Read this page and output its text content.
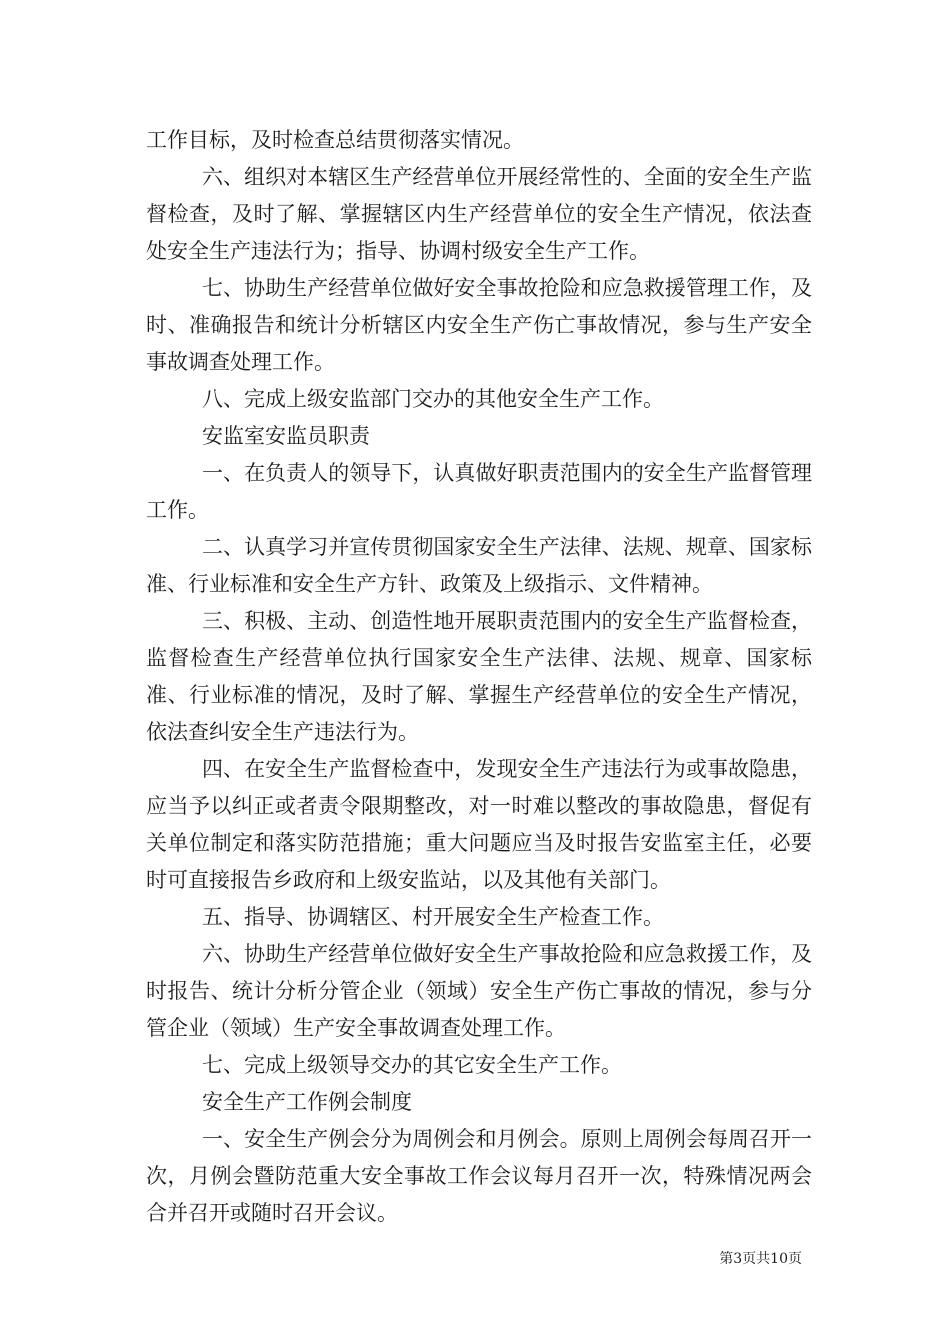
工作目标，及时检查总结贯彻落实情况。

六、组织对本辖区生产经营单位开展经常性的、全面的安全生产监督检查，及时了解、掌握辖区内生产经营单位的安全生产情况，依法查处安全生产违法行为；指导、协调村级安全生产工作。

七、协助生产经营单位做好安全事故抢险和应急救援管理工作，及时、准确报告和统计分析辖区内安全生产伤亡事故情况，参与生产安全事故调查处理工作。

八、完成上级安监部门交办的其他安全生产工作。

安监室安监员职责

一、在负责人的领导下，认真做好职责范围内的安全生产监督管理工作。

二、认真学习并宣传贯彻国家安全生产法律、法规、规章、国家标准、行业标准和安全生产方针、政策及上级指示、文件精神。

三、积极、主动、创造性地开展职责范围内的安全生产监督检查，监督检查生产经营单位执行国家安全生产法律、法规、规章、国家标准、行业标准的情况，及时了解、掌握生产经营单位的安全生产情况，依法查纠安全生产违法行为。

四、在安全生产监督检查中，发现安全生产违法行为或事故隐患，应当予以纠正或者责令限期整改，对一时难以整改的事故隐患，督促有关单位制定和落实防范措施；重大问题应当及时报告安监室主任，必要时可直接报告乡政府和上级安监站，以及其他有关部门。

五、指导、协调辖区、村开展安全生产检查工作。

六、协助生产经营单位做好安全生产事故抢险和应急救援工作，及时报告、统计分析分管企业（领域）安全生产伤亡事故的情况，参与分管企业（领域）生产安全事故调查处理工作。

七、完成上级领导交办的其它安全生产工作。

安全生产工作例会制度

一、安全生产例会分为周例会和月例会。原则上周例会每周召开一次，月例会暨防范重大安全事故工作会议每月召开一次，特殊情况两会合并召开或随时召开会议。

第3页共10页
